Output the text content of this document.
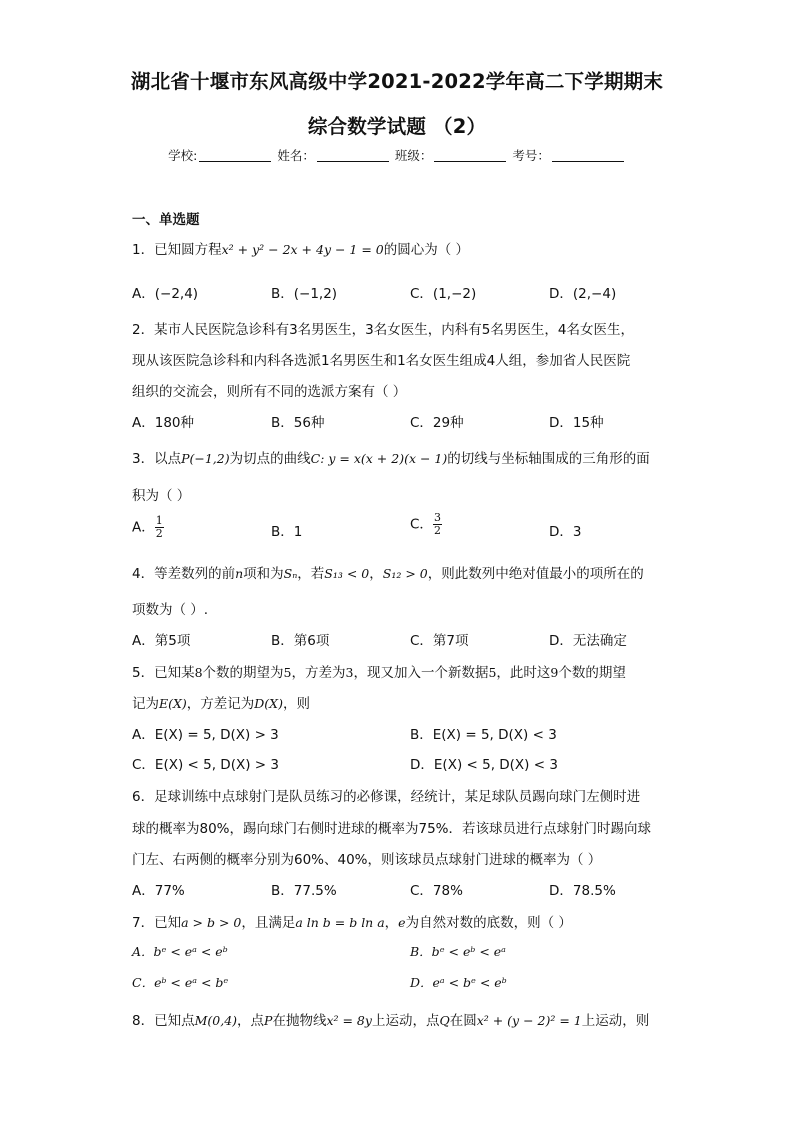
湖北省十堰市东风高级中学2021-2022学年高二下学期期末
综合数学试题 （2）
学校:	姓名：	班级：	考号：
一、单选题
1．已知圆方程x² + y² − 2x + 4y − 1 = 0的圆心为（ ）
A．(−2,4)	B．(−1,2)	C．(1,−2)	D．(2,−4)
2．某市人民医院急诊科有3名男医生，3名女医生，内科有5名男医生，4名女医生，
现从该医院急诊科和内科各选派1名男医生和1名女医生组成4人组，参加省人民医院
组织的交流会，则所有不同的选派方案有（ ）
A．180种	B．56种	C．29种	D．15种
3．以点P(−1,2)为切点的曲线C: y = x(x + 2)(x − 1)的切线与坐标轴围成的三角形的面
积为（ ）
A． $\frac{1}{2}$	B．1	C． $\frac{3}{2}$	D．3
4．等差数列的前n项和为Sₙ，若S₁₃ < 0，S₁₂ > 0，则此数列中绝对值最小的项所在的
项数为（ ）.
A．第5项	B．第6项	C．第7项	D．无法确定
5．已知某8个数的期望为5，方差为3，现又加入一个新数据5，此时这9个数的期望
记为E(X)，方差记为D(X)，则
A．E(X) = 5, D(X) > 3	B．E(X) = 5, D(X) < 3
C．E(X) < 5, D(X) > 3	D．E(X) < 5, D(X) < 3
6．足球训练中点球射门是队员练习的必修课，经统计，某足球队员踢向球门左侧时进
球的概率为80%，踢向球门右侧时进球的概率为75%．若该球员进行点球射门时踢向球
门左、右两侧的概率分别为60%、40%，则该球员点球射门进球的概率为（ ）
A．77%	B．77.5%	C．78%	D．78.5%
7．已知a > b > 0，且满足a ln b = b ln a，e为自然对数的底数，则（ ）
A．bᵉ < eᵃ < eᵇ	B．bᵉ < eᵇ < eᵃ
C．eᵇ < eᵃ < bᵉ	D．eᵃ < bᵉ < eᵇ
8．已知点M(0,4)，点P在抛物线x² = 8y上运动，点Q在圆x² + (y − 2)² = 1上运动，则
